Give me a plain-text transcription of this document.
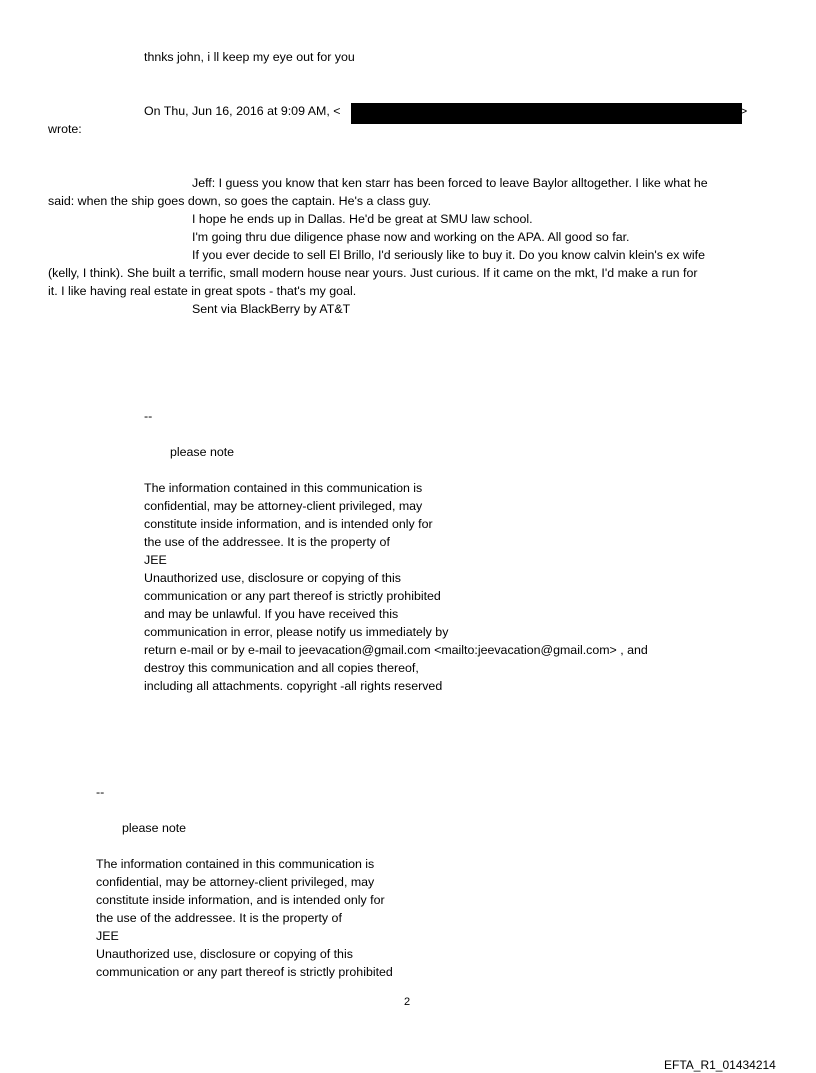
thnks john, i ll keep my eye out for you
On Thu, Jun 16, 2016 at 9:09 AM, <	>
wrote:
Jeff: I guess you know that ken starr has been forced to leave Baylor alltogether. I like what he
said: when the ship goes down, so goes the captain. He's a class guy.
I hope he ends up in Dallas. He'd be great at SMU law school.
I'm going thru due diligence phase now and working on the APA. All good so far.
If you ever decide to sell El Brillo, I'd seriously like to buy it. Do you know calvin klein's ex wife
(kelly, I think). She built a terrific, small modern house near yours. Just curious. If it came on the mkt, I'd make a run for
it. I like having real estate in great spots - that's my goal.
Sent via BlackBerry by AT&T
--
please note
The information contained in this communication is
confidential, may be attorney-client privileged, may
constitute inside information, and is intended only for
the use of the addressee. It is the property of
JEE
Unauthorized use, disclosure or copying of this
communication or any part thereof is strictly prohibited
and may be unlawful. If you have received this
communication in error, please notify us immediately by
return e-mail or by e-mail to jeevacation@gmail.com <mailto:jeevacation@gmail.com> , and
destroy this communication and all copies thereof,
including all attachments. copyright -all rights reserved
--
please note
The information contained in this communication is
confidential, may be attorney-client privileged, may
constitute inside information, and is intended only for
the use of the addressee. It is the property of
JEE
Unauthorized use, disclosure or copying of this
communication or any part thereof is strictly prohibited
2
EFTA_R1_01434214
